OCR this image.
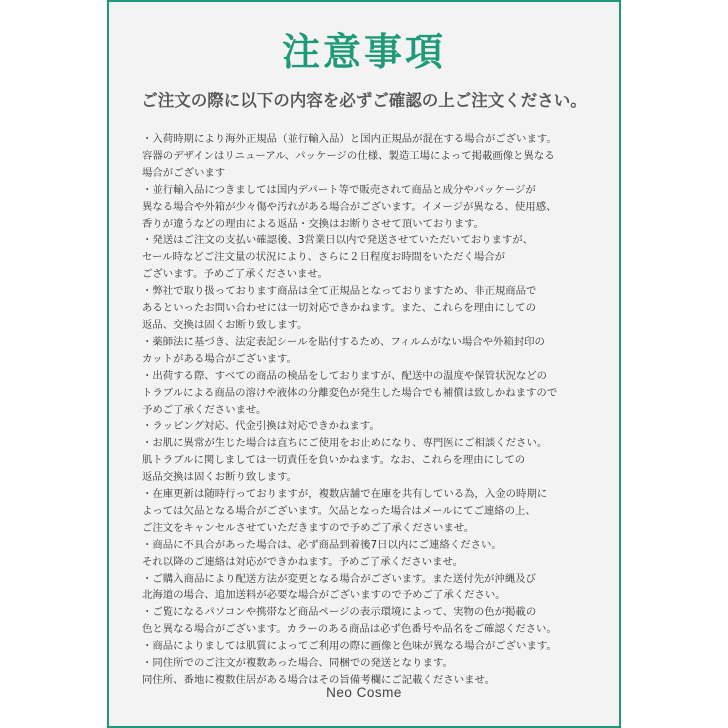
注意事項
ご注文の際に以下の内容を必ずご確認の上ご注文ください。
・入荷時期により海外正規品（並行輸入品）と国内正規品が混在する場合がございます。
容器のデザインはリニューアル、パッケージの仕様、製造工場によって掲載画像と異なる
場合がございます
・並行輸入品につきましては国内デパート等で販売されて商品と成分やパッケージが
異なる場合や外箱が少々傷や汚れがある場合がございます。イメージが異なる、使用感、
香りが違うなどの理由による返品・交換はお断りさせて頂いております。
・発送はご注文の支払い確認後、3営業日以内で発送させていただいておりますが、
セール時などご注文量の状況により、さらに２日程度お時間をいただく場合が
ございます。予めご了承くださいませ。
・弊社で取り扱っております商品は全て正規品となっておりますため、非正規商品で
あるといったお問い合わせには一切対応できかねます。また、これらを理由にしての
返品、交換は固くお断り致します。
・薬師法に基づき、法定表記シールを貼付するため、フィルムがない場合や外箱封印の
カットがある場合がございます。
・出荷する際、すべての商品の検品をしておりますが、配送中の温度や保管状況などの
トラブルによる商品の溶けや液体の分離変色が発生した場合でも補償は致しかねますので
予めご了承くださいませ。
・ラッピング対応、代金引換は対応できかねます。
・お肌に異常が生じた場合は直ちにご使用をお止めになり、専門医にご相談ください。
肌トラブルに関しましては一切責任を負いかねます。なお、これらを理由にしての
返品交換は固くお断り致します。
・在庫更新は随時行っておりますが，複数店舗で在庫を共有している為，入金の時期に
よっては欠品となる場合がございます。欠品となった場合はメールにてご連絡の上、
ご注文をキャンセルさせていただきますので予めご了承くださいませ。
・商品に不具合があった場合は、必ず商品到着後7日以内にご連絡ください。
それ以降のご連絡は対応ができかねます。予めご了承くださいませ。
・ご購入商品により配送方法が変更となる場合がございます。また送付先が沖縄及び
北海道の場合、追加送料が必要な場合がございますので予めご了承ください。
・ご覧になるパソコンや携帯など商品ページの表示環境によって、実物の色が掲載の
色と異なる場合がございます。カラーのある商品は必ず色番号や品名をご確認ください。
・商品によりましては肌質によってご利用の際に画像と色味が異なる場合がございます。
・同住所でのご注文が複数あった場合、同梱での発送となります。
同住所、番地に複数住居がある場合はその旨備考欄にご記載くださいませ。
Neo Cosme
